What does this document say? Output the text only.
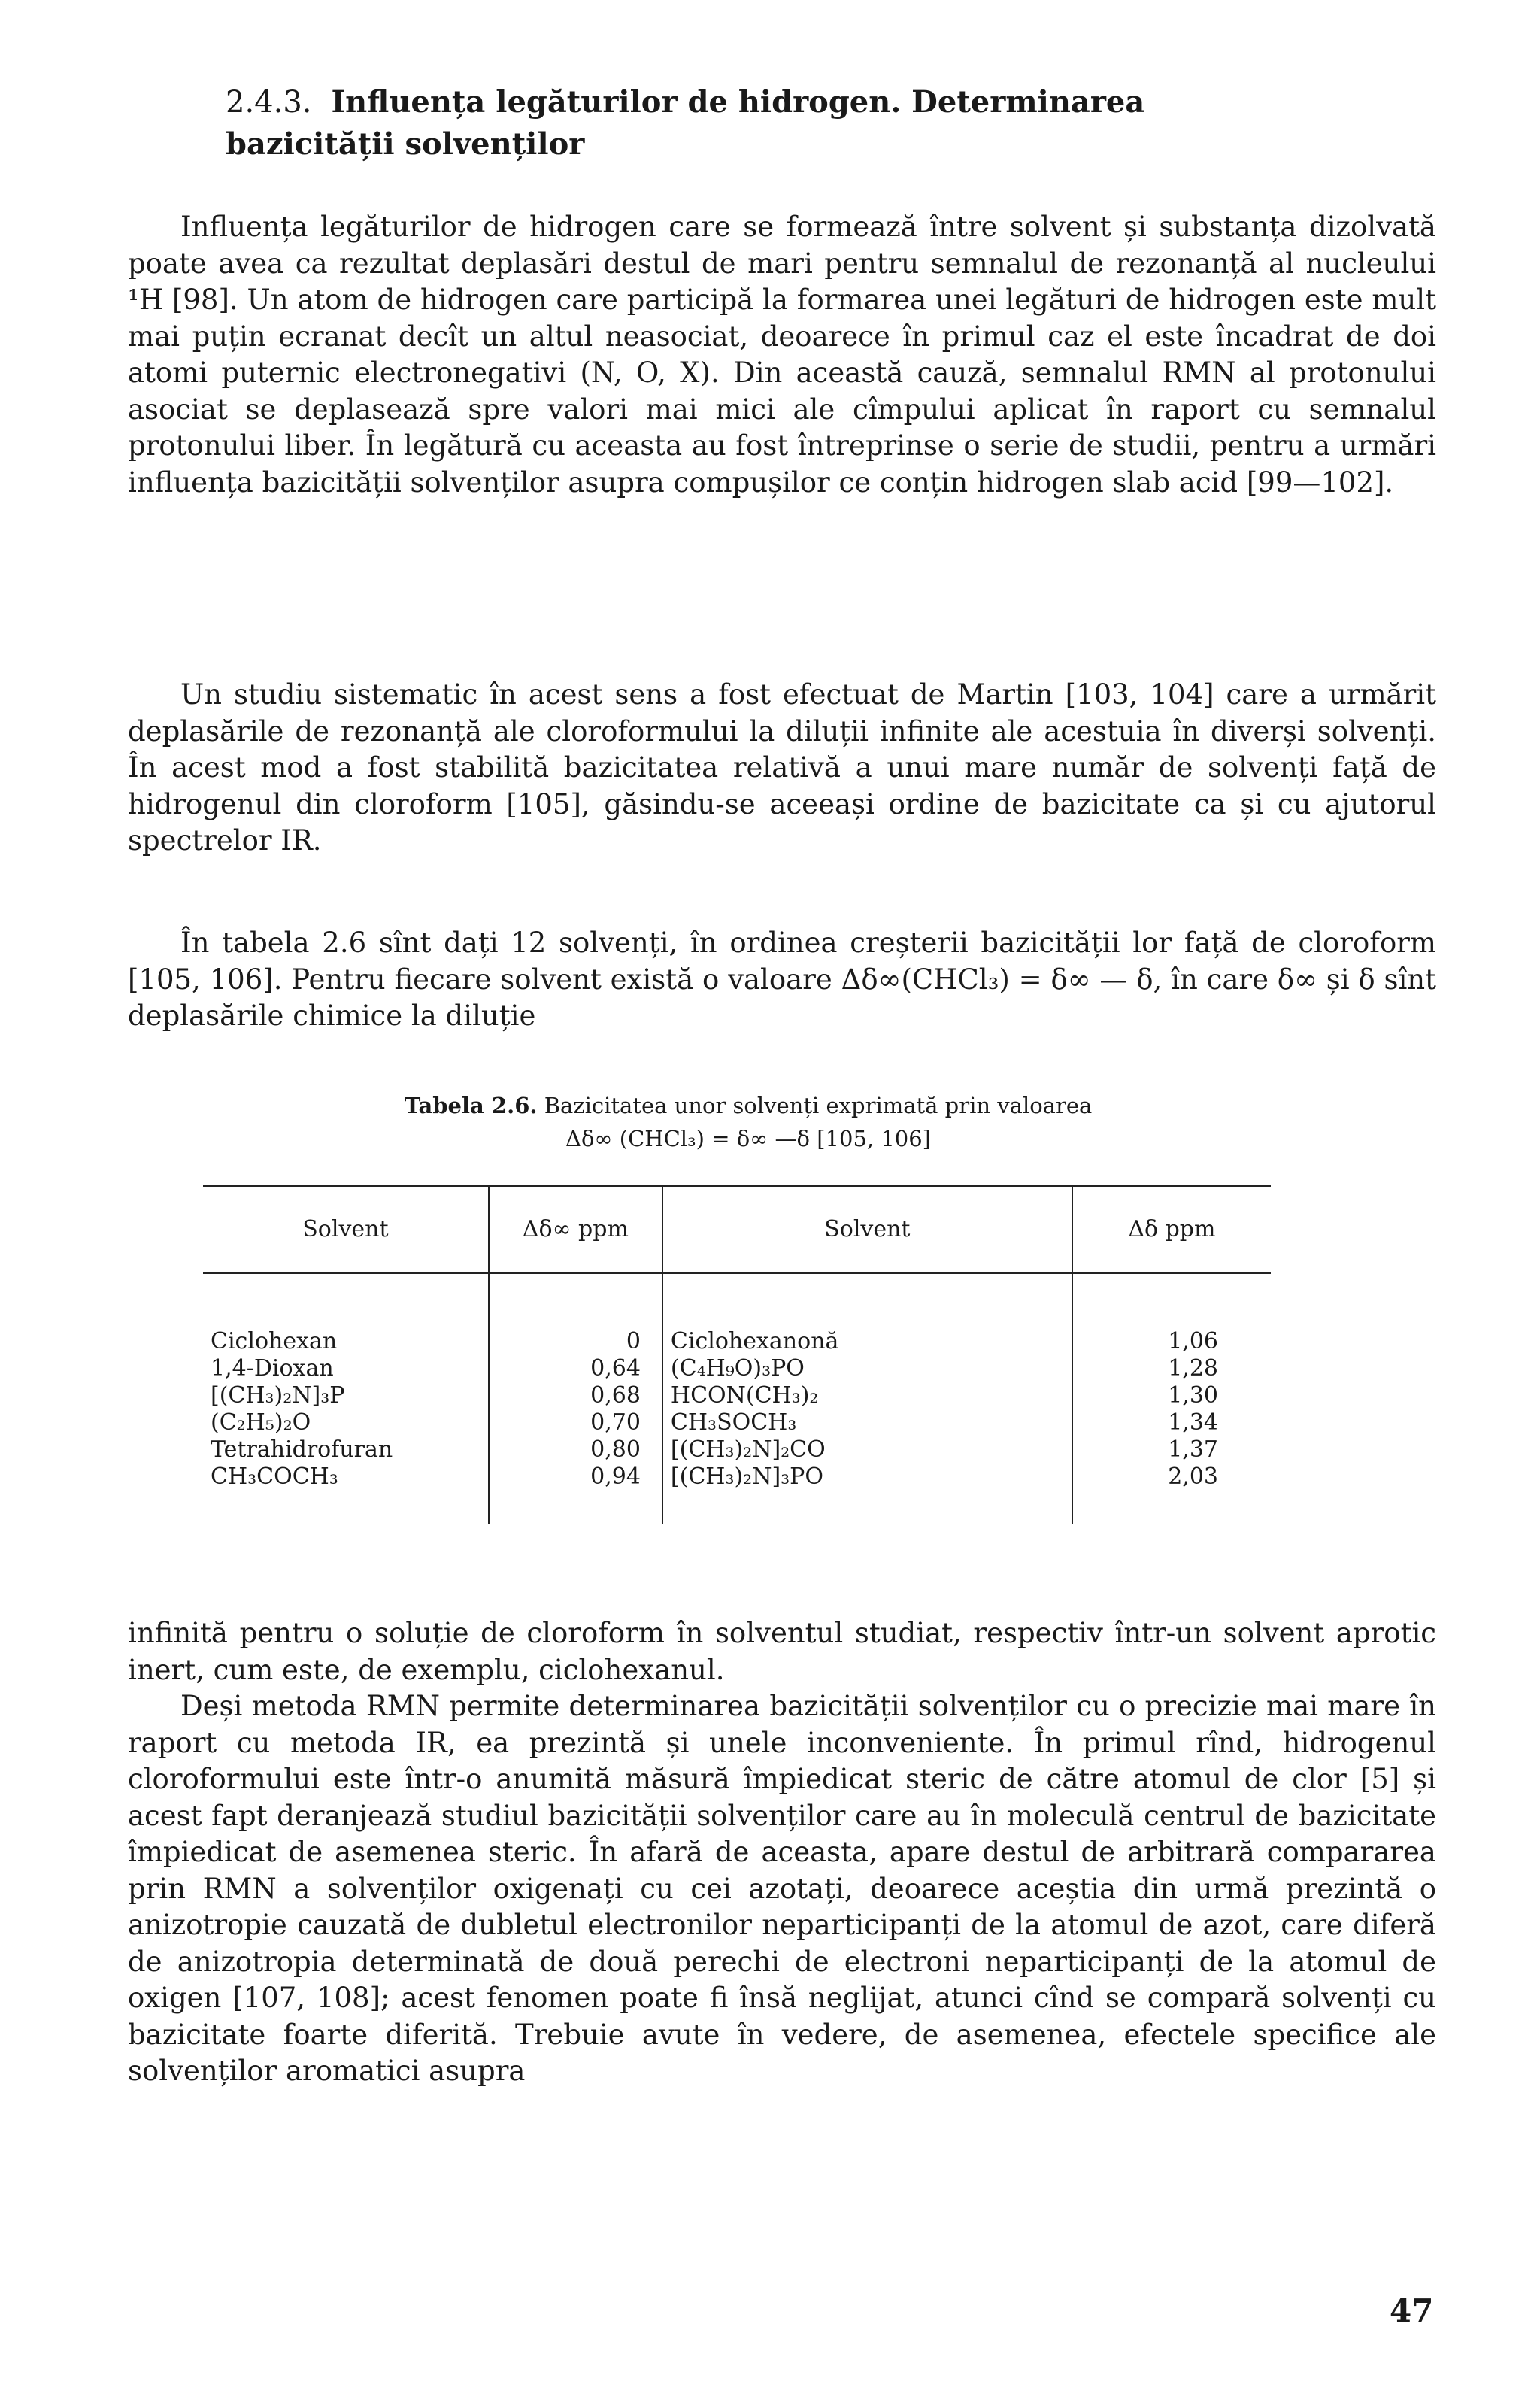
2.4.3. Influența legăturilor de hidrogen. Determinarea
bazicității solvenților

Influența legăturilor de hidrogen care se formează între solvent și substanța dizolvată poate avea ca rezultat deplasări destul de mari pentru semnalul de rezonanță al nucleului ¹H [98]. Un atom de hidrogen care participă la formarea unei legături de hidrogen este mult mai puțin ecranat decît un altul neasociat, deoarece în primul caz el este încadrat de doi atomi puternic electronegativi (N, O, X). Din această cauză, semnalul RMN al protonului asociat se deplasează spre valori mai mici ale cîmpului aplicat în raport cu semnalul protonului liber. În legătură cu aceasta au fost întreprinse o serie de studii, pentru a urmări influența bazicității solvenților asupra compușilor ce conțin hidrogen slab acid [99—102].

Un studiu sistematic în acest sens a fost efectuat de Martin [103, 104] care a urmărit deplasările de rezonanță ale cloroformului la diluții infinite ale acestuia în diverși solvenți. În acest mod a fost stabilită bazicitatea relativă a unui mare număr de solvenți față de hidrogenul din cloroform [105], găsindu-se aceeași ordine de bazicitate ca și cu ajutorul spectrelor IR.

În tabela 2.6 sînt dați 12 solvenți, în ordinea creșterii bazicității lor față de cloroform [105, 106]. Pentru fiecare solvent există o valoare Δδ∞(CHCl₃) = δ∞ — δ, în care δ∞ și δ sînt deplasările chimice la diluție

Tabela 2.6. Bazicitatea unor solvenți exprimată prin valoarea
Δδ∞ (CHCl₃) = δ∞ —δ [105, 106]
Solvent	Δδ∞ ppm	Solvent	Δδ ppm
Ciclohexan	0	Ciclohexanonă	1,06
1,4-Dioxan	0,64	(C₄H₉O)₃PO	1,28
[(CH₃)₂N]₃P	0,68	HCON(CH₃)₂	1,30
(C₂H₅)₂O	0,70	CH₃SOCH₃	1,34
Tetrahidrofuran	0,80	[(CH₃)₂N]₂CO	1,37
CH₃COCH₃	0,94	[(CH₃)₂N]₃PO	2,03

infinită pentru o soluție de cloroform în solventul studiat, respectiv într-un solvent aprotic inert, cum este, de exemplu, ciclohexanul.

Deși metoda RMN permite determinarea bazicității solvenților cu o precizie mai mare în raport cu metoda IR, ea prezintă și unele inconveniente. În primul rînd, hidrogenul cloroformului este într-o anumită măsură împiedicat steric de către atomul de clor [5] și acest fapt deranjează studiul bazicității solvenților care au în moleculă centrul de bazicitate împiedicat de asemenea steric. În afară de aceasta, apare destul de arbitrară compararea prin RMN a solvenților oxigenați cu cei azotați, deoarece aceștia din urmă prezintă o anizotropie cauzată de dubletul electronilor neparticipanți de la atomul de azot, care diferă de anizotropia determinată de două perechi de electroni neparticipanți de la atomul de oxigen [107, 108]; acest fenomen poate fi însă neglijat, atunci cînd se compară solvenți cu bazicitate foarte diferită. Trebuie avute în vedere, de asemenea, efectele specifice ale solvenților aromatici asupra

47
